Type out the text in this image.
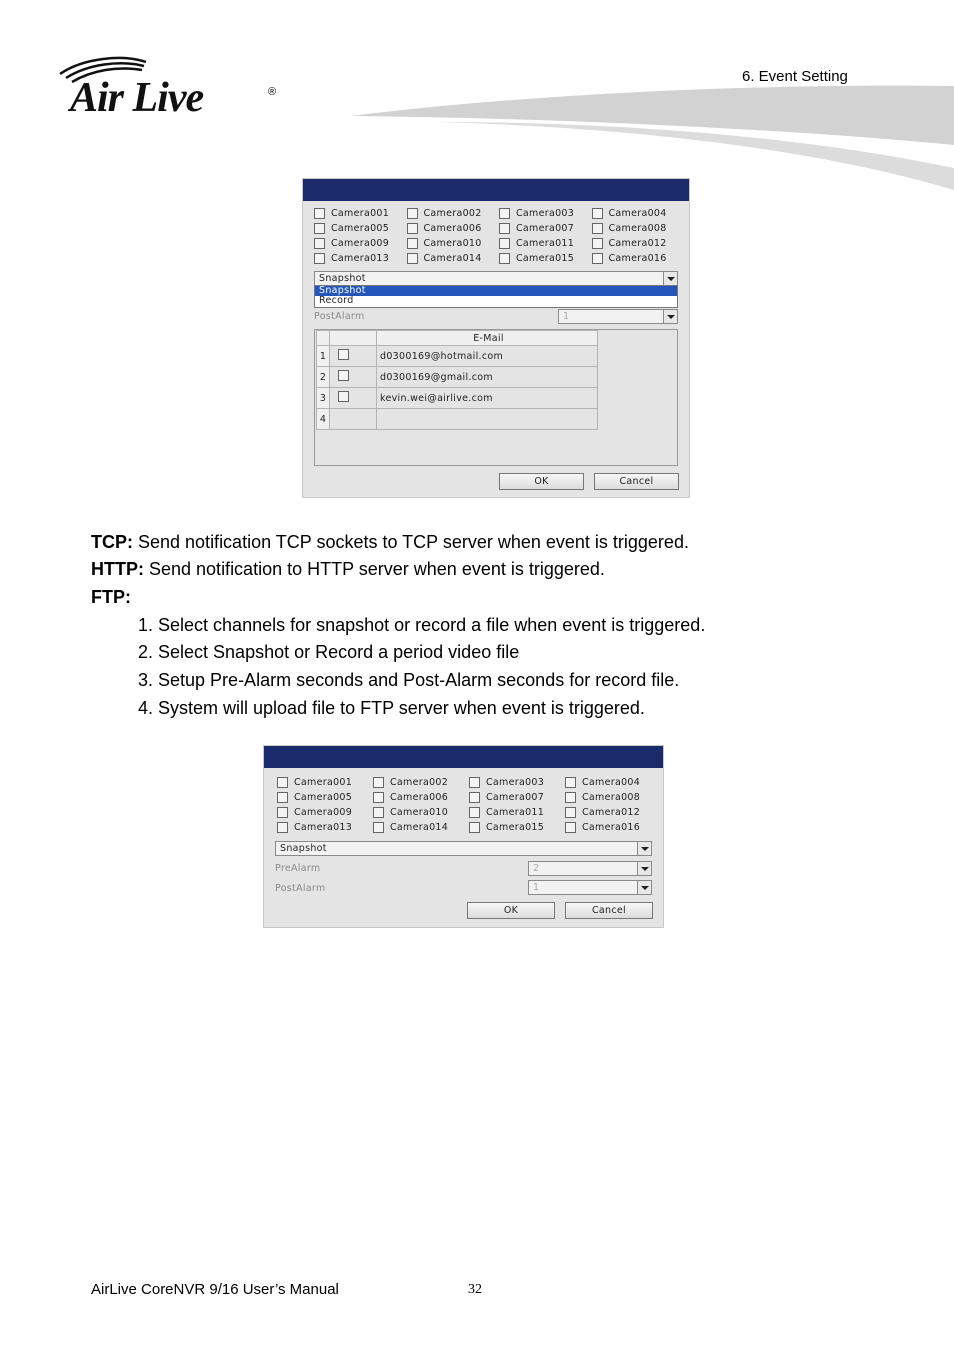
Air Live	®
6. Event Setting
Camera001	Camera002	Camera003	Camera004
Camera005	Camera006	Camera007	Camera008
Camera009	Camera010	Camera011	Camera012
Camera013	Camera014	Camera015	Camera016
Snapshot
Snapshot
Record
PostAlarm	1
		E-Mail
1		d0300169@hotmail.com
2		d0300169@gmail.com
3		kevin.wei@airlive.com
4		
OK	Cancel
TCP: Send notification TCP sockets to TCP server when event is triggered.
HTTP: Send notification to HTTP server when event is triggered.
FTP:
1. Select channels for snapshot or record a file when event is triggered.
2. Select Snapshot or Record a period video file
3. Setup Pre-Alarm seconds and Post-Alarm seconds for record file.
4. System will upload file to FTP server when event is triggered.
Camera001	Camera002	Camera003	Camera004
Camera005	Camera006	Camera007	Camera008
Camera009	Camera010	Camera011	Camera012
Camera013	Camera014	Camera015	Camera016
Snapshot
PreAlarm	2
PostAlarm	1
OK	Cancel
AirLive CoreNVR 9/16 User’s Manual	32
